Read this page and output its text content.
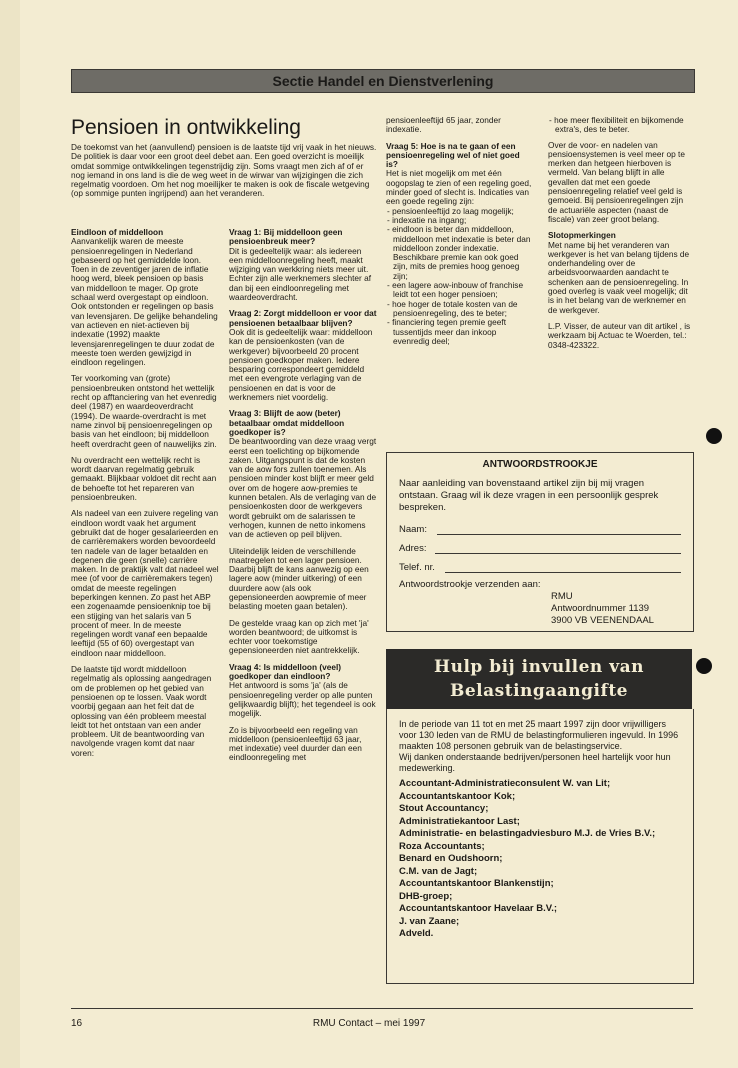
Sectie Handel en Dienstverlening
Pensioen in ontwikkeling

De toekomst van het (aanvullend) pensioen is de laatste tijd vrij vaak in het nieuws. De politiek is daar voor een groot deel debet aan. Een goed overzicht is moeilijk omdat sommige ontwikkelingen tegenstrijdig zijn. Soms vraagt men zich af of er nog iemand in ons land is die de weg weet in de wirwar van wijzigingen die zich regelmatig voordoen. Om het nog moeilijker te maken is ook de fiscale wetgeving (op sommige punten ingrijpend) aan het veranderen.

Eindloon of middelloon

Aanvankelijk waren de meeste pensioenregelingen in Nederland gebaseerd op het gemiddelde loon. Toen in de zeventiger jaren de inflatie hoog werd, bleek pensioen op basis van middelloon te mager. Op grote schaal werd overgestapt op eindloon. Ook ontstonden er regelingen op basis van levensjaren. De gelijke behandeling van actieven en niet-actieven bij indexatie (1992) maakte levensjarenregelingen te duur zodat de meeste toen werden gewijzigd in eindloon regelingen.

Ter voorkoming van (grote) pensioenbreuken ontstond het wettelijk recht op afftanciering van het evenredig deel (1987) en waardeoverdracht (1994). De waarde-overdracht is met name zinvol bij pensioenregelingen op basis van het eindloon; bij middelloon heeft overdracht geen of nauwelijks zin.

Nu overdracht een wettelijk recht is wordt daarvan regelmatig gebruik gemaakt. Blijkbaar voldoet dit recht aan de behoefte tot het repareren van pensioenbreuken.

Als nadeel van een zuivere regeling van eindloon wordt vaak het argument gebruikt dat de hoger gesalarieerden en de carrièremakers worden bevoordeeld ten nadele van de lager betaalden en degenen die geen (snelle) carrière maken. In de praktijk valt dat nadeel wel mee (of voor de carrièremakers tegen) omdat de meeste regelingen beperkingen kennen. Zo past het ABP een zogenaamde pensioenknip toe bij een stijging van het salaris van 5 procent of meer. In de meeste regelingen wordt vanaf een bepaalde leeftijd (55 of 60) overgestapt van eindloon naar middelloon.

De laatste tijd wordt middelloon regelmatig als oplossing aangedragen om de problemen op het gebied van pensioenen op te lossen. Vaak wordt voorbij gegaan aan het feit dat de oplossing van één probleem meestal leidt tot het ontstaan van een ander probleem. Uit de beantwoording van navolgende vragen komt dat naar voren:

Vraag 1: Bij middelloon geen pensioenbreuk meer?

Dit is gedeeltelijk waar: als iedereen een middelloonregeling heeft, maakt wijziging van werkkring niets meer uit. Echter zijn alle werknemers slechter af dan bij een eindloonregeling met waardeoverdracht.

Vraag 2: Zorgt middelloon er voor dat pensioenen betaalbaar blijven?

Ook dit is gedeeltelijk waar: middelloon kan de pensioenkosten (van de werkgever) bijvoorbeeld 20 procent pensioen goedkoper maken. Iedere besparing correspondeert gemiddeld met een evengrote verlaging van de pensioenen en dat is voor de werknemers niet voordelig.

Vraag 3: Blijft de aow (beter) betaalbaar omdat middelloon goedkoper is?

De beantwoording van deze vraag vergt eerst een toelichting op bijkomende zaken. Uitgangspunt is dat de kosten van de aow fors zullen toenemen. Als pensioen minder kost blijft er meer geld over om de hogere aow-premies te kunnen betalen. Als de verlaging van de pensioenkosten door de werkgevers wordt gebruikt om de salarissen te verhogen, kunnen de netto inkomens van de actieven op peil blijven.

Uiteindelijk leiden de verschillende maatregelen tot een lager pensioen. Daarbij blijft de kans aanwezig op een lagere aow (minder uitkering) of een duurdere aow (als ook gepensioneerden aowpremie of meer belasting moeten gaan betalen).

De gestelde vraag kan op zich met 'ja' worden beantwoord; de uitkomst is echter voor toekomstige gepensioneerden niet aantrekkelijk.

Vraag 4: Is middelloon (veel) goedkoper dan eindloon?

Het antwoord is soms 'ja' (als de pensioenregeling verder op alle punten gelijkwaardig blijft); het tegendeel is ook mogelijk.

Zo is bijvoorbeeld een regeling van middelloon (pensioenleeftijd 63 jaar, met indexatie) veel duurder dan een eindloonregeling met

pensioenleeftijd 65 jaar, zonder indexatie.

Vraag 5: Hoe is na te gaan of een pensioenregeling wel of niet goed is?

Het is niet mogelijk om met één oogopslag te zien of een regeling goed, minder goed of slecht is. Indicaties van een goede regeling zijn:

- pensioenleeftijd zo laag mogelijk;
- indexatie na ingang;
- eindloon is beter dan middelloon, middelloon met indexatie is beter dan middelloon zonder indexatie. Beschikbare premie kan ook goed zijn, mits de premies hoog genoeg zijn;
- een lagere aow-inbouw of franchise leidt tot een hoger pensioen;
- hoe hoger de totale kosten van de pensioenregeling, des te beter;
- financiering tegen premie geeft tussentijds meer dan inkoop evenredig deel;
- hoe meer flexibiliteit en bijkomende extra's, des te beter.

Over de voor- en nadelen van pensioensystemen is veel meer op te merken dan hetgeen hierboven is vermeld. Van belang blijft in alle gevallen dat met een goede pensioenregeling relatief veel geld is gemoeid. Bij pensioenregelingen zijn de actuariële aspecten (naast de fiscale) van zeer groot belang.

Slotopmerkingen

Met name bij het veranderen van werkgever is het van belang tijdens de onderhandeling over de arbeidsvoorwaarden aandacht te schenken aan de pensioenregeling. In goed overleg is vaak veel mogelijk; dit is in het belang van de werknemer en de werkgever.

L.P. Visser, de auteur van dit artikel , is werkzaam bij Actuac te Woerden, tel.: 0348-423322.

ANTWOORDSTROOKJE
Naar aanleiding van bovenstaand artikel zijn bij mij vragen ontstaan. Graag wil ik deze vragen in een persoonlijk gesprek bespreken.
Naam:
Adres:
Telef. nr.
Antwoordstrookje verzenden aan:
RMU
Antwoordnummer 1139
3900 VB VEENENDAAL
Hulp bij invullen van
Belastingaangifte
In de periode van 11 tot en met 25 maart 1997 zijn door vrijwilligers voor 130 leden van de RMU de belastingformulieren ingevuld. In 1996 maakten 108 personen gebruik van de belastingservice.
Wij danken onderstaande bedrijven/personen heel hartelijk voor hun medewerking.
Accountant-Administratieconsulent W. van Lit;
Accountantskantoor Kok;
Stout Accountancy;
Administratiekantoor Last;
Administratie- en belastingadviesburo M.J. de Vries B.V.;
Roza Accountants;
Benard en Oudshoorn;
C.M. van de Jagt;
Accountantskantoor Blankenstijn;
DHB-groep;
Accountantskantoor Havelaar B.V.;
J. van Zaane;
Adveld.
16	RMU Contact – mei 1997
